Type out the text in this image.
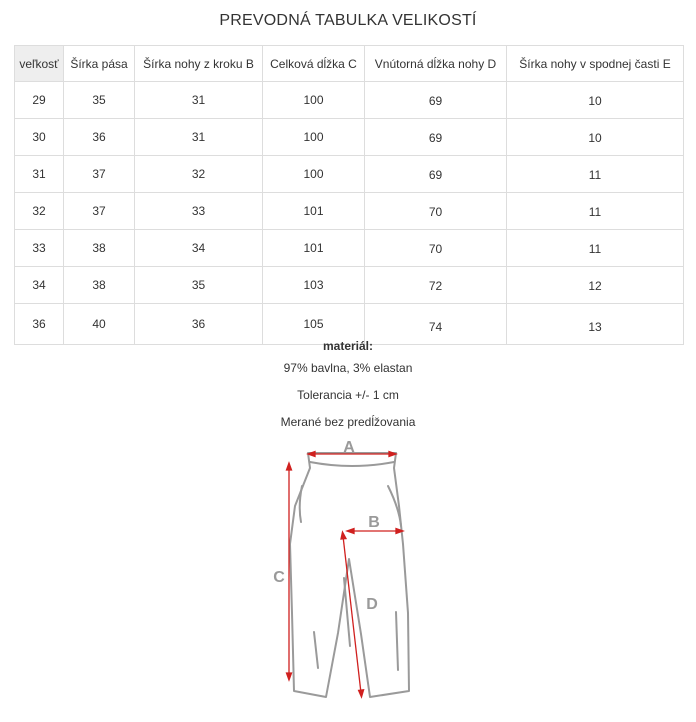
PREVODNÁ TABULKA VELIKOSTÍ
veľkosť	Šírka pása	Šírka nohy z kroku B	Celková dĺžka C	Vnútorná dĺžka nohy D	Šírka nohy v spodnej časti E
29	35	31	100	69	10
30	36	31	100	69	10
31	37	32	100	69	11
32	37	33	101	70	11
33	38	34	101	70	11
34	38	35	103	72	12
36	40	36	105	74	13
materiál:
97% bavlna, 3% elastan
Tolerancia +/- 1 cm
Merané bez predĺžovania
A
B
C
D
